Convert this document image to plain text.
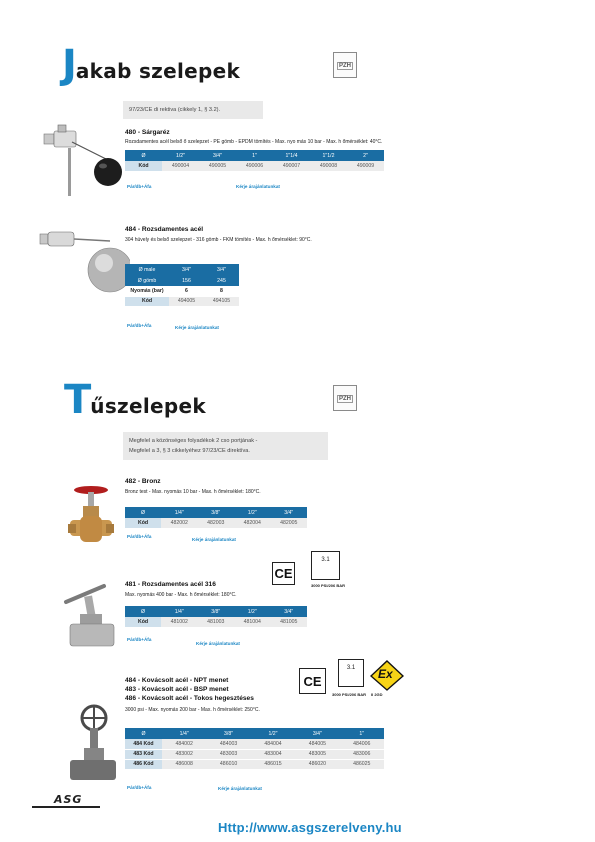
Jakab szelepek	PZH
97/23/CE di rektiva (cikkely 1, § 3.2).
480 - Sárgaréz
Rozsdamentes acél belső ő szelepzet - PE gömb - EPDM tömítés - Max. nyo más 10 bar - Max. h őmérséklet: 40°C.
Ø	1/2"	3/4"	1"	1"1/4	1"1/2	2"
Kód	490004	490005	490006	490007	490008	490009
Pár/db+Áfa	Kérje árajánlatunkat
484 - Rozsdamentes acél
304 hüvely és belső szelepzet - 316 gömb - FKM tömítés - Max. h őmérséklet: 90°C.
Ø male	3/4"	3/4"
Ø gömb	156	245
Nyomás (bar)	6	8
Kód	494005	494105
Pár/db+Áfa	Kérje árajánlatunkat
Tűszelepek	PZH
Megfelel a közönséges folyadékok 2 cso portjának -
Megfelel a 3, § 3 cikkelyéhez 97/23/CE direktíva.
482 - Bronz
Bronz test - Max. nyomás 10 bar - Max. h őmérséklet: 180°C.
Ø	1/4"	3/8"	1/2"	3/4"
Kód	482002	482003	482004	482005
Pár/db+Áfa
Kérje árajánlatunkat
481 - Rozsdamentes acél 316
Max. nyomás 400 bar - Max. h őmérséklet: 180°C.
CE
3.1
3000 PSI/206 BAR
Ø	1/4"	3/8"	1/2"	3/4"
Kód	481002	481003	481004	481005
Pár/db+Áfa
Kérje árajánlatunkat
484 - Kovácsolt acél - NPT menet
483 - Kovácsolt acél - BSP menet
486 - Kovácsolt acél - Tokos hegesztéses
3000 psi - Max. nyomás 200 bar - Max. h őmérséklet: 250°C.
CE
3.1
3000 PSI/206 BAR
Ex
II 2GD
Ø	1/4"	3/8"	1/2"	3/4"	1"
484 Kód	484002	484003	484004	484005	484006
483 Kód	483002	483003	483004	483005	483006
486 Kód	486008	486010	486015	486020	486025
Pár/db+Áfa	Kérje árajánlatunkat
ASG
Http://www.asgszerelveny.hu
